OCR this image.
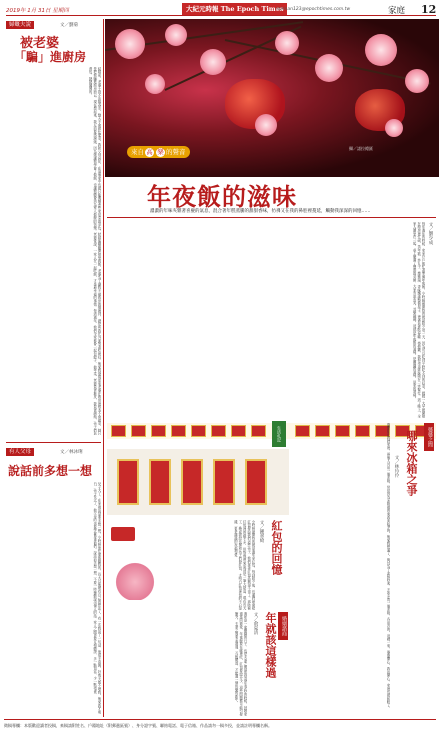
2019年 1月 31日 星期四	大紀元時報 The Epoch Times
minnan123@epochtimes.com.tw	家庭 12
婦嘅夫說	文／劉菊
被老婆
「騙」進廚房
結婚前，老婆十指不沾陽春水，整天不會做什麼菜。我和父母同住，在這個家中也就只能偶爾煮些家常菜的菜色。結婚後剛剛開始學做飯，老婆為了讓我不被廚房的煙燻到，總是叫我在外面等著吃就好。後來我發現原來老婆在廚房裡根本不會做菜，她只是把我騙進廚房而已。現在想起來，我反而要感謝她，因為她讓我學會了做飯，也讓我體會到為家人做飯的快樂。老婆常說，一家人在一起吃飯，才是最幸福的事情。每到過年，我們全家都會一起包餃子、做年菜，老婆負責擀皮，我負責調餡，孩子們負責包，熱熱鬧鬧的。
有人父母	文／林沐琍
說話前多想一想
兒子大了，在家裡說話要多想一想。小時候他什麼都聽我的，長大以後就有自己的想法了。有一次我說了一句話，他很不高興，好幾天都不理我。後來我才明白，孩子長大了，做父母的也要學會尊重他們。說話前多想一想，不要一時衝動說出傷人的話。家人之間更要互相體諒，多一點包容，少一點指責。
來自 高 樂 的聲音	攝／諾拉總匯
年夜飯的滋味
濃濃的年味夾雜著喜慶的氣息，混合著年糕蒸騰的甜甜香味，彷彿又在我的鼻腔裡蔓延，觸動我深深的回憶……
文／劉少成
每年過年的時候，家家戶戶都忙著準備年夜飯。小時候最期待的就是除夕這一天，因為可以吃到平時吃不到的好菜。媽媽一大早就開始在廚房裡忙碌，蒸年糕、炸丸子、燉雞湯，香味飄滿整個屋子。爸爸負責貼春聯、掛燈籠，我和弟弟妹妹則在一旁幫忙。到了晚上，全家人圍坐在一起，桌上擺滿了豐盛的菜餚，大家有說有笑，其樂融融。這就是年夜飯的滋味，是團圓的滋味，是家的滋味。
生活札記
紅包的回憶
文／鍾翠綺
小時候最期待的就是過年拿紅包。每到除夕夜，長輩們就會把紅包發給我們這些孩子，我們拿著紅包高興得不得了。那時候紅包裡的錢不多，但對我們來說卻是一筆大財富。現在長大了，換成我給長輩和孩子們發紅包，才明白紅包裡包的不只是錢，更是滿滿的祝福和愛。
婆婆之間
哪來冰箱之爭
文／林玲伶
婆婆住在我們家裡，兩個人共用一個冰箱，常常因為冰箱裡的東西而起爭執。後來我想通了，與其為了冰箱吵架，不如多買一個冰箱，各用各的。這樣一來，婆婆開心，我也開心，家裡也就和睦了。
婚姻諮商
年就該這樣過
文／俞夏清
過年是一家團圓的日子，也是夫妻之間最容易發生爭吵的時候。回娘家還是回婆家，年夜飯要在哪裡吃，紅包要給多少，這些問題都可能引發衝突。夫妻之間要多溝通，互相體諒，才能過一個快樂的新年。
徵稿專欄：本版歡迎讀者投稿，來稿請附姓名、戶籍地址（附郵遞區號）、身分證字號、聯絡電話、電子信箱、作品請勿一稿多投，並請註明專欄名稱。
